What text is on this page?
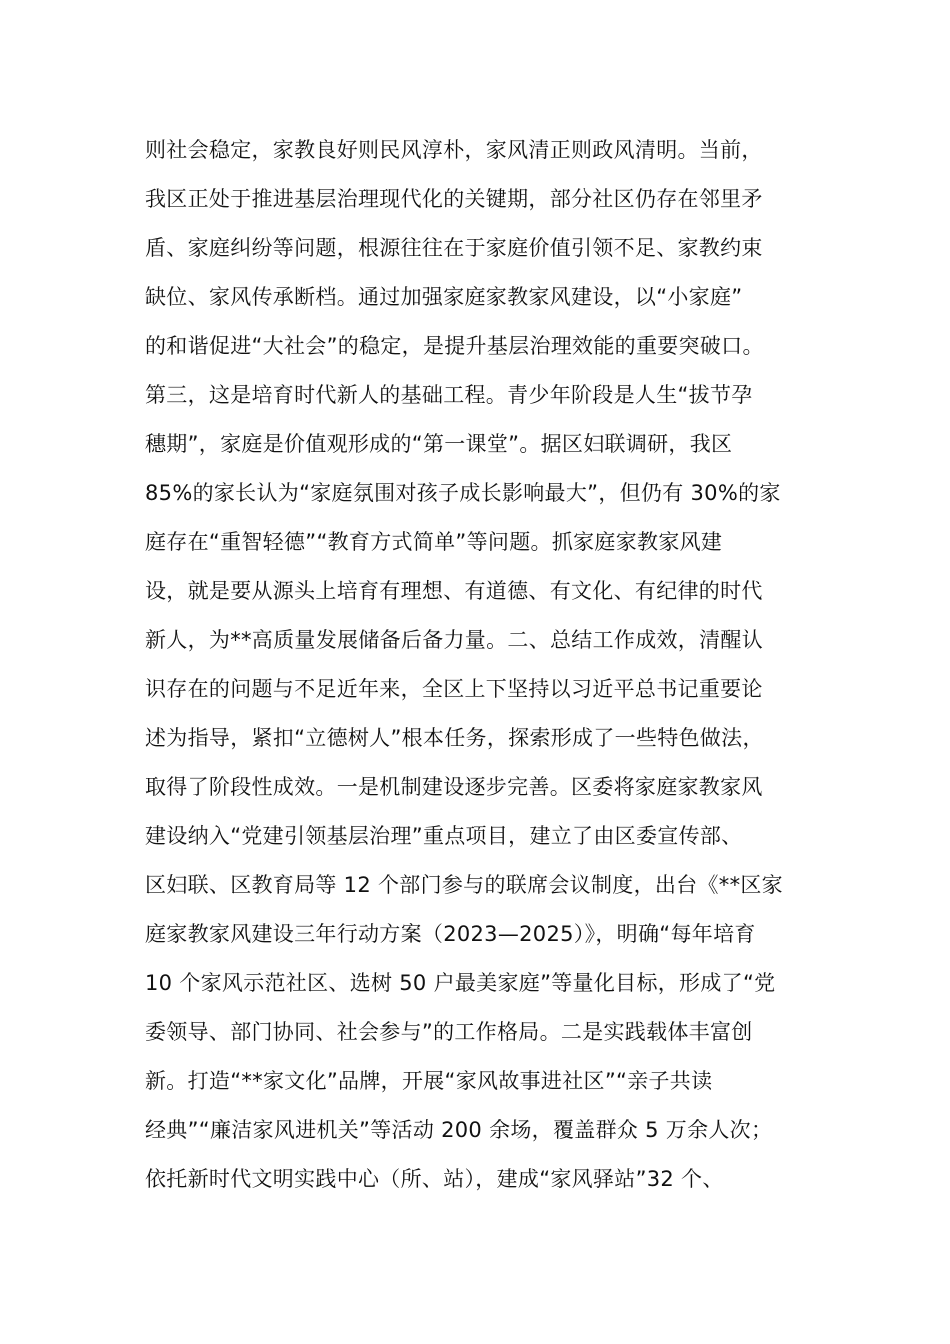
则社会稳定，家教良好则民风淳朴，家风清正则政风清明。当前，
我区正处于推进基层治理现代化的关键期，部分社区仍存在邻里矛
盾、家庭纠纷等问题，根源往往在于家庭价值引领不足、家教约束
缺位、家风传承断档。通过加强家庭家教家风建设，以“小家庭”
的和谐促进“大社会”的稳定，是提升基层治理效能的重要突破口。
第三，这是培育时代新人的基础工程。青少年阶段是人生“拔节孕
穗期”，家庭是价值观形成的“第一课堂”。据区妇联调研，我区
85%的家长认为“家庭氛围对孩子成长影响最大”，但仍有 30%的家
庭存在“重智轻德”“教育方式简单”等问题。抓家庭家教家风建
设，就是要从源头上培育有理想、有道德、有文化、有纪律的时代
新人，为**高质量发展储备后备力量。二、总结工作成效，清醒认
识存在的问题与不足近年来，全区上下坚持以习近平总书记重要论
述为指导，紧扣“立德树人”根本任务，探索形成了一些特色做法，
取得了阶段性成效。一是机制建设逐步完善。区委将家庭家教家风
建设纳入“党建引领基层治理”重点项目，建立了由区委宣传部、
区妇联、区教育局等 12 个部门参与的联席会议制度，出台《**区家
庭家教家风建设三年行动方案（2023—2025）》，明确“每年培育
10 个家风示范社区、选树 50 户最美家庭”等量化目标，形成了“党
委领导、部门协同、社会参与”的工作格局。二是实践载体丰富创
新。打造“**家文化”品牌，开展“家风故事进社区”“亲子共读
经典”“廉洁家风进机关”等活动 200 余场，覆盖群众 5 万余人次；
依托新时代文明实践中心（所、站），建成“家风驿站”32 个、
